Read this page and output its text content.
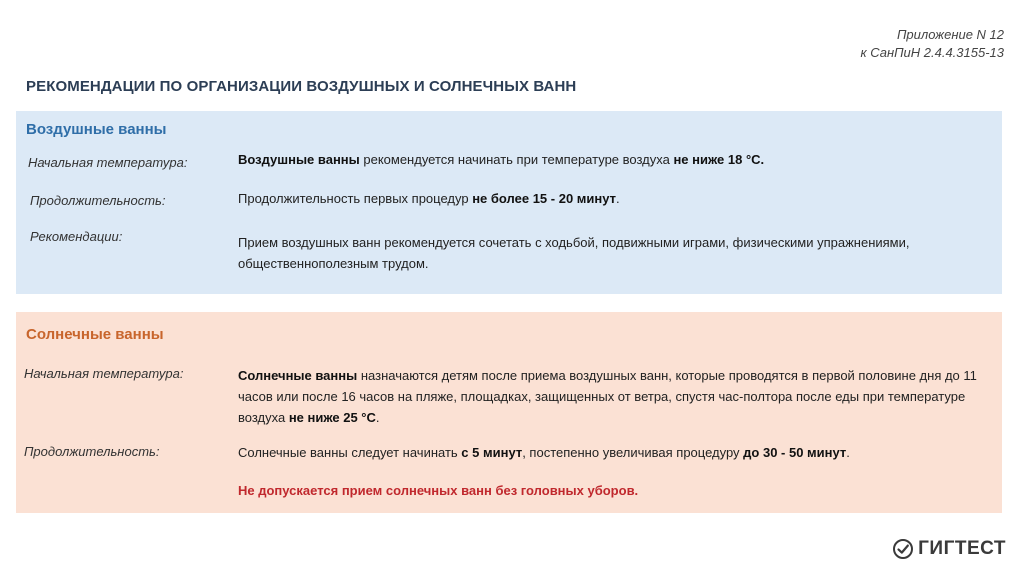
Приложение N 12
к СанПиН 2.4.4.3155-13
РЕКОМЕНДАЦИИ ПО ОРГАНИЗАЦИИ ВОЗДУШНЫХ И СОЛНЕЧНЫХ ВАНН
Воздушные ванны
Начальная температура:	Воздушные ванны рекомендуется начинать при температуре воздуха не ниже 18 °С.
Продолжительность:	Продолжительность первых процедур не более 15 - 20 минут.
Рекомендации:	Прием воздушных ванн рекомендуется сочетать с ходьбой, подвижными играми, физическими упражнениями, общественнополезным трудом.
Солнечные ванны
Начальная температура:	Солнечные ванны назначаются детям после приема воздушных ванн, которые проводятся в первой половине дня до 11 часов или после 16 часов на пляже, площадках, защищенных от ветра, спустя час-полтора после еды при температуре воздуха не ниже 25 °С.
Продолжительность:	Солнечные ванны следует начинать с 5 минут, постепенно увеличивая процедуру до 30 - 50 минут.
Не допускается прием солнечных ванн без головных уборов.
ГИГТЕСТ
